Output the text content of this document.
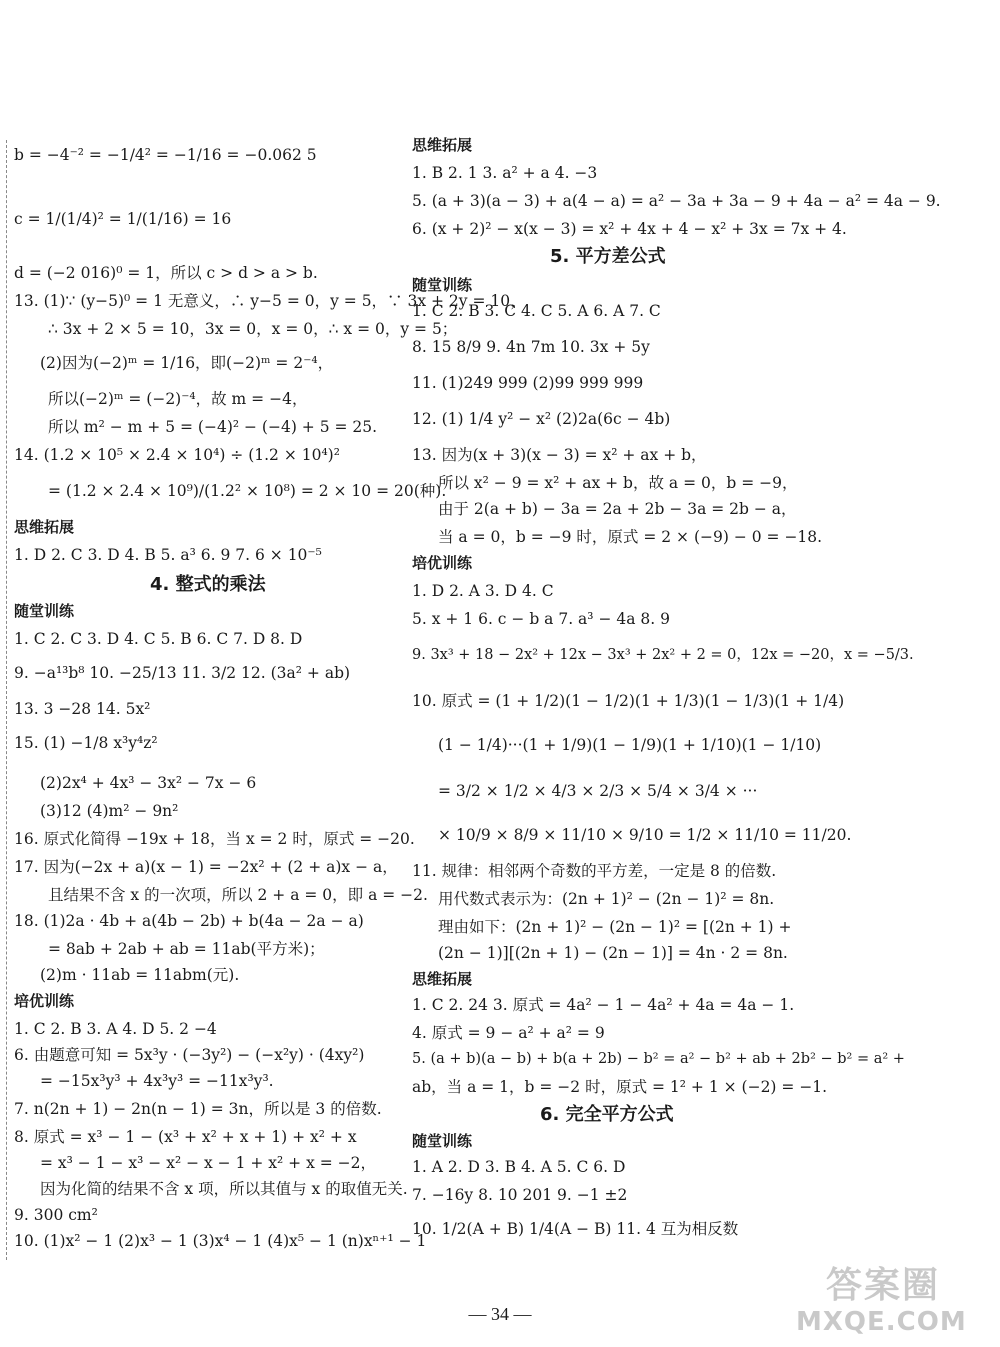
b = −4⁻² = −1/4² = −1/16 = −0.062 5
c = 1/(1/4)² = 1/(1/16) = 16
d = (−2 016)⁰ = 1，所以 c > d > a > b.
13. (1)∵ (y−5)⁰ = 1 无意义，∴ y−5 = 0，y = 5，∵ 3x + 2y = 10，
∴ 3x + 2 × 5 = 10，3x = 0，x = 0，∴ x = 0，y = 5；
(2)因为(−2)ᵐ = 1/16，即(−2)ᵐ = 2⁻⁴，
所以(−2)ᵐ = (−2)⁻⁴，故 m = −4，
所以 m² − m + 5 = (−4)² − (−4) + 5 = 25.
14. (1.2 × 10⁵ × 2.4 × 10⁴) ÷ (1.2 × 10⁴)²
= (1.2 × 2.4 × 10⁹)/(1.2² × 10⁸) = 2 × 10 = 20(种).
思维拓展
1. D 2. C 3. D 4. B 5. a³ 6. 9 7. 6 × 10⁻⁵
4. 整式的乘法
随堂训练
1. C 2. C 3. D 4. C 5. B 6. C 7. D 8. D
9. −a¹³b⁸ 10. −25/13 11. 3/2 12. (3a² + ab)
13. 3 −28 14. 5x²
15. (1) −1/8 x³y⁴z²
(2)2x⁴ + 4x³ − 3x² − 7x − 6
(3)12 (4)m² − 9n²
16. 原式化简得 −19x + 18，当 x = 2 时，原式 = −20.
17. 因为(−2x + a)(x − 1) = −2x² + (2 + a)x − a，
且结果不含 x 的一次项，所以 2 + a = 0，即 a = −2.
18. (1)2a · 4b + a(4b − 2b) + b(4a − 2a − a)
= 8ab + 2ab + ab = 11ab(平方米)；
(2)m · 11ab = 11abm(元).
培优训练
1. C 2. B 3. A 4. D 5. 2 −4
6. 由题意可知 = 5x³y · (−3y²) − (−x²y) · (4xy²)
= −15x³y³ + 4x³y³ = −11x³y³.
7. n(2n + 1) − 2n(n − 1) = 3n，所以是 3 的倍数.
8. 原式 = x³ − 1 − (x³ + x² + x + 1) + x² + x
= x³ − 1 − x³ − x² − x − 1 + x² + x = −2，
因为化简的结果不含 x 项，所以其值与 x 的取值无关.
9. 300 cm²
10. (1)x² − 1 (2)x³ − 1 (3)x⁴ − 1 (4)x⁵ − 1 (n)xⁿ⁺¹ − 1
思维拓展
1. B 2. 1 3. a² + a 4. −3
5. (a + 3)(a − 3) + a(4 − a) = a² − 3a + 3a − 9 + 4a − a² = 4a − 9.
6. (x + 2)² − x(x − 3) = x² + 4x + 4 − x² + 3x = 7x + 4.
5. 平方差公式
随堂训练
1. C 2. B 3. C 4. C 5. A 6. A 7. C
8. 15 8/9 9. 4n 7m 10. 3x + 5y
11. (1)249 999 (2)99 999 999
12. (1) 1/4 y² − x² (2)2a(6c − 4b)
13. 因为(x + 3)(x − 3) = x² + ax + b，
所以 x² − 9 = x² + ax + b，故 a = 0，b = −9，
由于 2(a + b) − 3a = 2a + 2b − 3a = 2b − a，
当 a = 0，b = −9 时，原式 = 2 × (−9) − 0 = −18.
培优训练
1. D 2. A 3. D 4. C
5. x + 1 6. c − b a 7. a³ − 4a 8. 9
9. 3x³ + 18 − 2x² + 12x − 3x³ + 2x² + 2 = 0，12x = −20，x = −5/3.
10. 原式 = (1 + 1/2)(1 − 1/2)(1 + 1/3)(1 − 1/3)(1 + 1/4)
(1 − 1/4)···(1 + 1/9)(1 − 1/9)(1 + 1/10)(1 − 1/10)
= 3/2 × 1/2 × 4/3 × 2/3 × 5/4 × 3/4 × ···
× 10/9 × 8/9 × 11/10 × 9/10 = 1/2 × 11/10 = 11/20.
11. 规律：相邻两个奇数的平方差，一定是 8 的倍数.
用代数式表示为：(2n + 1)² − (2n − 1)² = 8n.
理由如下：(2n + 1)² − (2n − 1)² = [(2n + 1) +
(2n − 1)][(2n + 1) − (2n − 1)] = 4n · 2 = 8n.
思维拓展
1. C 2. 24 3. 原式 = 4a² − 1 − 4a² + 4a = 4a − 1.
4. 原式 = 9 − a² + a² = 9
5. (a + b)(a − b) + b(a + 2b) − b² = a² − b² + ab + 2b² − b² = a² +
ab，当 a = 1，b = −2 时，原式 = 1² + 1 × (−2) = −1.
6. 完全平方公式
随堂训练
1. A 2. D 3. B 4. A 5. C 6. D
7. −16y 8. 10 201 9. −1 ±2
10. 1/2(A + B) 1/4(A − B) 11. 4 互为相反数
— 34 —
答案圈
MXQE.COM
